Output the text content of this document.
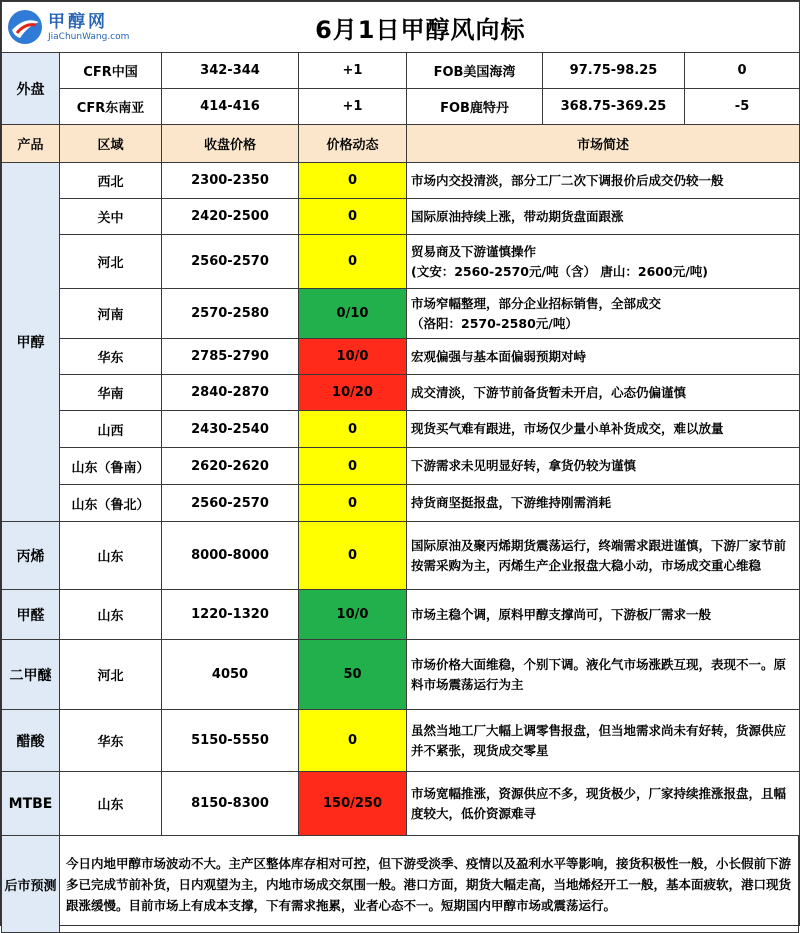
甲醇网
JiaChunWang.com		6月1日甲醇风向标				
外盘	CFR中国	342-344	+1	FOB美国海湾	97.75-98.25	0
	CFR东南亚	414-416	+1	FOB鹿特丹	368.75-369.25	-5
产品	区域	收盘价格	价格动态	市场简述		
甲醇	西北	2300-2350	0	市场内交投清淡，部分工厂二次下调报价后成交仍较一般		

	关中	2420-2500	0	国际原油持续上涨，带动期货盘面跟涨		

	河北	2560-2570	0	贸易商及下游谨慎操作
(文安：2560-2570元/吨（含） 唐山：2600元/吨)		

	河南	2570-2580	0/10	市场窄幅整理，部分企业招标销售，全部成交
（洛阳：2570-2580元/吨）		

	华东	2785-2790	10/0	宏观偏强与基本面偏弱预期对峙		

	华南	2840-2870	10/20	成交清淡，下游节前备货暂未开启，心态仍偏谨慎		

	山西	2430-2540	0	现货买气难有跟进，市场仅少量小单补货成交，难以放量		

	山东（鲁南）	2620-2620	0	下游需求未见明显好转，拿货仍较为谨慎		

	山东（鲁北）	2560-2570	0	持货商坚挺报盘，下游维持刚需消耗		

丙烯	山东	8000-8000	0	国际原油及聚丙烯期货震荡运行，终端需求跟进谨慎，下游厂家节前按需采购为主，丙烯生产企业报盘大稳小动，市场成交重心维稳		
甲醛	山东	1220-1320	10/0	市场主稳个调，原料甲醇支撑尚可，下游板厂需求一般		
二甲醚	河北	4050	50	市场价格大面维稳，个别下调。液化气市场涨跌互现，表现不一。原料市场震荡运行为主		
醋酸	华东	5150-5550	0	虽然当地工厂大幅上调零售报盘，但当地需求尚未有好转，货源供应并不紧张，现货成交零星		
MTBE	山东	8150-8300	150/250	市场宽幅推涨，资源供应不多，现货极少，厂家持续推涨报盘，且幅度较大，低价资源难寻		
后市预测	今日内地甲醇市场波动不大。主产区整体库存相对可控，但下游受淡季、疫情以及盈利水平等影响，接货积极性一般，小长假前下游多已完成节前补货，日内观望为主，内地市场成交氛围一般。港口方面，期货大幅走高，当地烯烃开工一般，基本面疲软，港口现货跟涨缓慢。目前市场上有成本支撑，下有需求拖累，业者心态不一。短期国内甲醇市场或震荡运行。
